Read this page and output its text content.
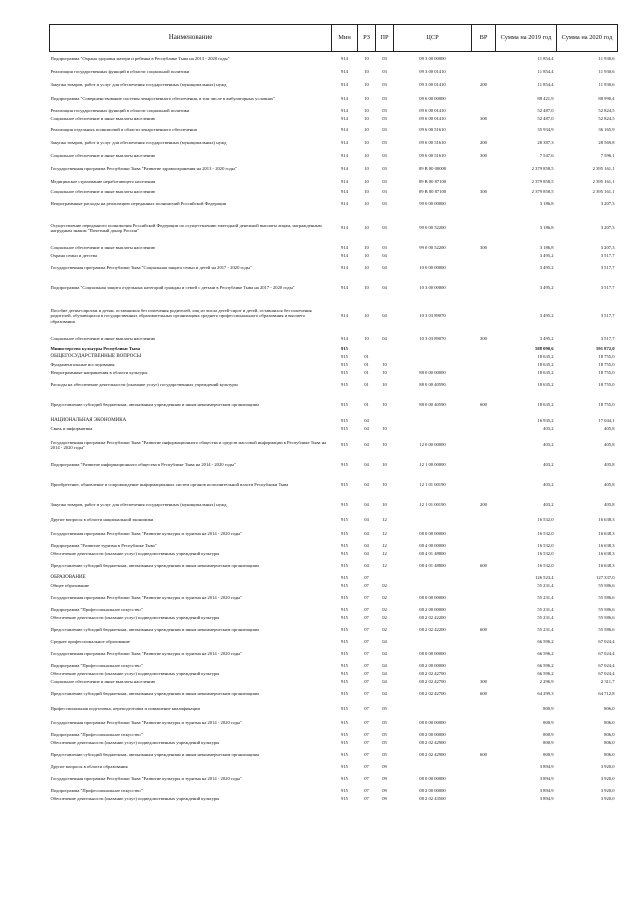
Наименование	Мин	РЗ	ПР	ЦСР	ВР	Сумма на 2019 год	Сумма на 2020 год
Подпрограмма "Охрана здоровья матери и ребенка в Республике Тыва на 2013 - 2020 годы"	914	10	03	09 3 00 00000		11 854,4	11 930,6
Реализация государственных функций в области социальной политики	914	10	03	09 3 00 01410		11 854,4	11 930,6
Закупка товаров, работ и услуг для обеспечения государственных (муниципальных) нужд	914	10	03	09 3 00 01410	200	11 854,4	11 930,6
Подпрограмма "Совершенствование системы лекарственного обеспечения, в том числе в амбулаторных условиях"	914	10	03	09 6 00 00000		88 421,9	88 990,4
Реализация государственных функций в области социальной политики	914	10	03	09 6 00 01410		52 487,0	52 824,5
Социальное обеспечение и иные выплаты населению	914	10	03	09 6 00 01410	300	52 487,0	52 824,5
Реализация отдельных полномочий в области лекарственного обеспечения	914	10	03	09 6 00 51610		35 934,9	36 165,9
Закупка товаров, работ и услуг для обеспечения государственных (муниципальных) нужд	914	10	03	09 6 00 51610	200	28 387,3	28 569,8
Социальное обеспечение и иные выплаты населению	914	10	03	09 6 00 51610	300	7 547,6	7 596,1
Государственная программа Республики Тыва "Развитие здравоохранения на 2013 - 2020 годы"	914	10	03	09 В 00 00000		2 379 858,5	2 395 161,1
Медицинское страхование неработающего населения	914	10	03	09 В 00 87100		2 379 858,5	2 395 161,1
Социальное обеспечение и иные выплаты населению	914	10	03	09 В 00 87100	300	2 379 858,5	2 395 161,1
Непрограммные расходы на реализацию переданных полномочий Российской Федерации	914	10	03	99 0 00 00000		3 186,8	3 207,3
Осуществление переданного полномочия Российской Федерации по осуществлению ежегодной денежной выплаты лицам, награжденным нагрудным знаком "Почетный донор России"	914	10	03	99 0 00 52200		3 186,8	3 207,3
Социальное обеспечение и иные выплаты населению	914	10	03	99 0 00 52200	300	3 186,8	3 207,3
Охрана семьи и детства	914	10	04			3 495,2	3 517,7
Государственная программа Республики Тыва "Социальная защита семьи и детей на 2017 - 2020 годы"	914	10	04	10 0 00 00000		3 495,2	3 517,7
Подпрограмма "Социальная защита отдельных категорий граждан и семей с детьми в Республике Тыва на 2017 - 2020 годы"	914	10	04	10 3 00 00000		3 495,2	3 517,7
Пособие детям-сиротам и детям, оставшимся без попечения родителей, лиц из числа детей-сирот и детей, оставшихся без попечения родителей, обучающихся в государственных образовательных организациях среднего профессионального образования и высшего образования	914	10	04	10 3 03 89070		3 495,2	3 517,7
Социальное обеспечение и иные выплаты населению	914	10	04	10 3 03 89070	300	3 495,2	3 517,7
Министерство культуры Республики Тыва	915					588 090,6	591 872,0
ОБЩЕГОСУДАРСТВЕННЫЕ ВОПРОСЫ	915	01				18 635,2	18 755,0
Фундаментальные исследования	915	01	10			18 635,2	18 755,0
Непрограммные направления в области культуры	915	01	10	88 0 00 00000		18 635,2	18 755,0
Расходы на обеспечение деятельности (оказание услуг) государственных учреждений культуры	915	01	10	88 0 00 40590		18 635,2	18 755,0
Предоставление субсидий бюджетным, автономным учреждениям и иным некоммерческим организациям	915	01	10	88 0 00 40590	600	18 635,2	18 755,0
НАЦИОНАЛЬНАЯ ЭКОНОМИКА	915	04				16 935,2	17 044,1
Связь и информатика	915	04	10			403,2	405,8
Государственная программа Республики Тыва "Развитие информационного общества и средств массовой информации в Республике Тыва на 2014 - 2020 годы"	915	04	10	12 0 00 00000		403,2	405,8
Подпрограмма "Развитие информационного общества в Республике Тыва на 2014 - 2020 годы"	915	04	10	12 1 00 00000		403,2	405,8
Приобретение, обновление и сопровождение информационных систем органов исполнительной власти Республики Тыва	915	04	10	12 1 01 00190		403,2	405,8
Закупка товаров, работ и услуг для обеспечения государственных (муниципальных) нужд	915	04	10	12 1 01 00190	200	403,2	405,8
Другие вопросы в области национальной экономики	915	04	12			16 532,0	16 638,3
Государственная программа Республики Тыва "Развитие культуры и туризма на 2014 - 2020 годы"	915	04	12	08 0 00 00000		16 532,0	16 638,3
Подпрограмма "Развитие туризма в Республике Тыва"	915	04	12	08 4 00 00000		16 532,0	16 638,3
Обеспечение деятельности (оказание услуг) подведомственных учреждений культуры	915	04	12	08 4 01 48800		16 532,0	16 638,3
Предоставление субсидий бюджетным, автономным учреждениям и иным некоммерческим организациям	915	04	12	08 4 01 48800	600	16 532,0	16 638,3
ОБРАЗОВАНИЕ	915	07				126 523,4	127 337,0
Общее образование	915	07	02			55 231,4	55 586,6
Государственная программа Республики Тыва "Развитие культуры и туризма на 2014 - 2020 годы"	915	07	02	08 0 00 00000		55 231,4	55 586,6
Подпрограмма "Профессиональное искусство"	915	07	02	08 2 00 00000		55 231,4	55 586,6
Обеспечение деятельности (оказание услуг) подведомственных учреждений культуры	915	07	02	08 2 02 42200		55 231,4	55 586,6
Предоставление субсидий бюджетным, автономным учреждениям и иным некоммерческим организациям	915	07	02	08 2 02 42200	600	55 231,4	55 586,6
Среднее профессиональное образование	915	07	04			66 596,2	67 024,4
Государственная программа Республики Тыва "Развитие культуры и туризма на 2014 - 2020 годы"	915	07	04	08 0 00 00000		66 596,2	67 024,4
Подпрограмма "Профессиональное искусство"	915	07	04	08 2 00 00000		66 596,2	67 024,4
Обеспечение деятельности (оказание услуг) подведомственных учреждений культуры	915	07	04	08 2 02 42700		66 596,2	67 024,4
Социальное обеспечение и иные выплаты населению	915	07	04	08 2 02 42700	300	2 296,9	2 311,7
Предоставление субсидий бюджетным, автономным учреждениям и иным некоммерческим организациям	915	07	04	08 2 02 42700	600	64 299,3	64 712,8
Профессиональная подготовка, переподготовка и повышение квалификации	915	07	05			800,9	806,0
Государственная программа Республики Тыва "Развитие культуры и туризма на 2014 - 2020 годы"	915	07	05	08 0 00 00000		800,9	806,0
Подпрограмма "Профессиональное искусство"	915	07	05	08 2 00 00000		800,9	806,0
Обеспечение деятельности (оказание услуг) подведомственных учреждений культуры	915	07	05	08 2 02 42900		800,9	806,0
Предоставление субсидий бюджетным, автономным учреждениям и иным некоммерческим организациям	915	07	05	08 2 02 42900	600	800,9	806,0
Другие вопросы в области образования	915	07	09			3 894,9	3 920,0
Государственная программа Республики Тыва "Развитие культуры и туризма на 2014 - 2020 годы"	915	07	09	08 0 00 00000		3 894,9	3 920,0
Подпрограмма "Профессиональное искусство"	915	07	09	08 2 00 00000		3 894,9	3 920,0
Обеспечение деятельности (оказание услуг) подведомственных учреждений культуры	915	07	09	08 2 02 43500		3 894,9	3 920,0
